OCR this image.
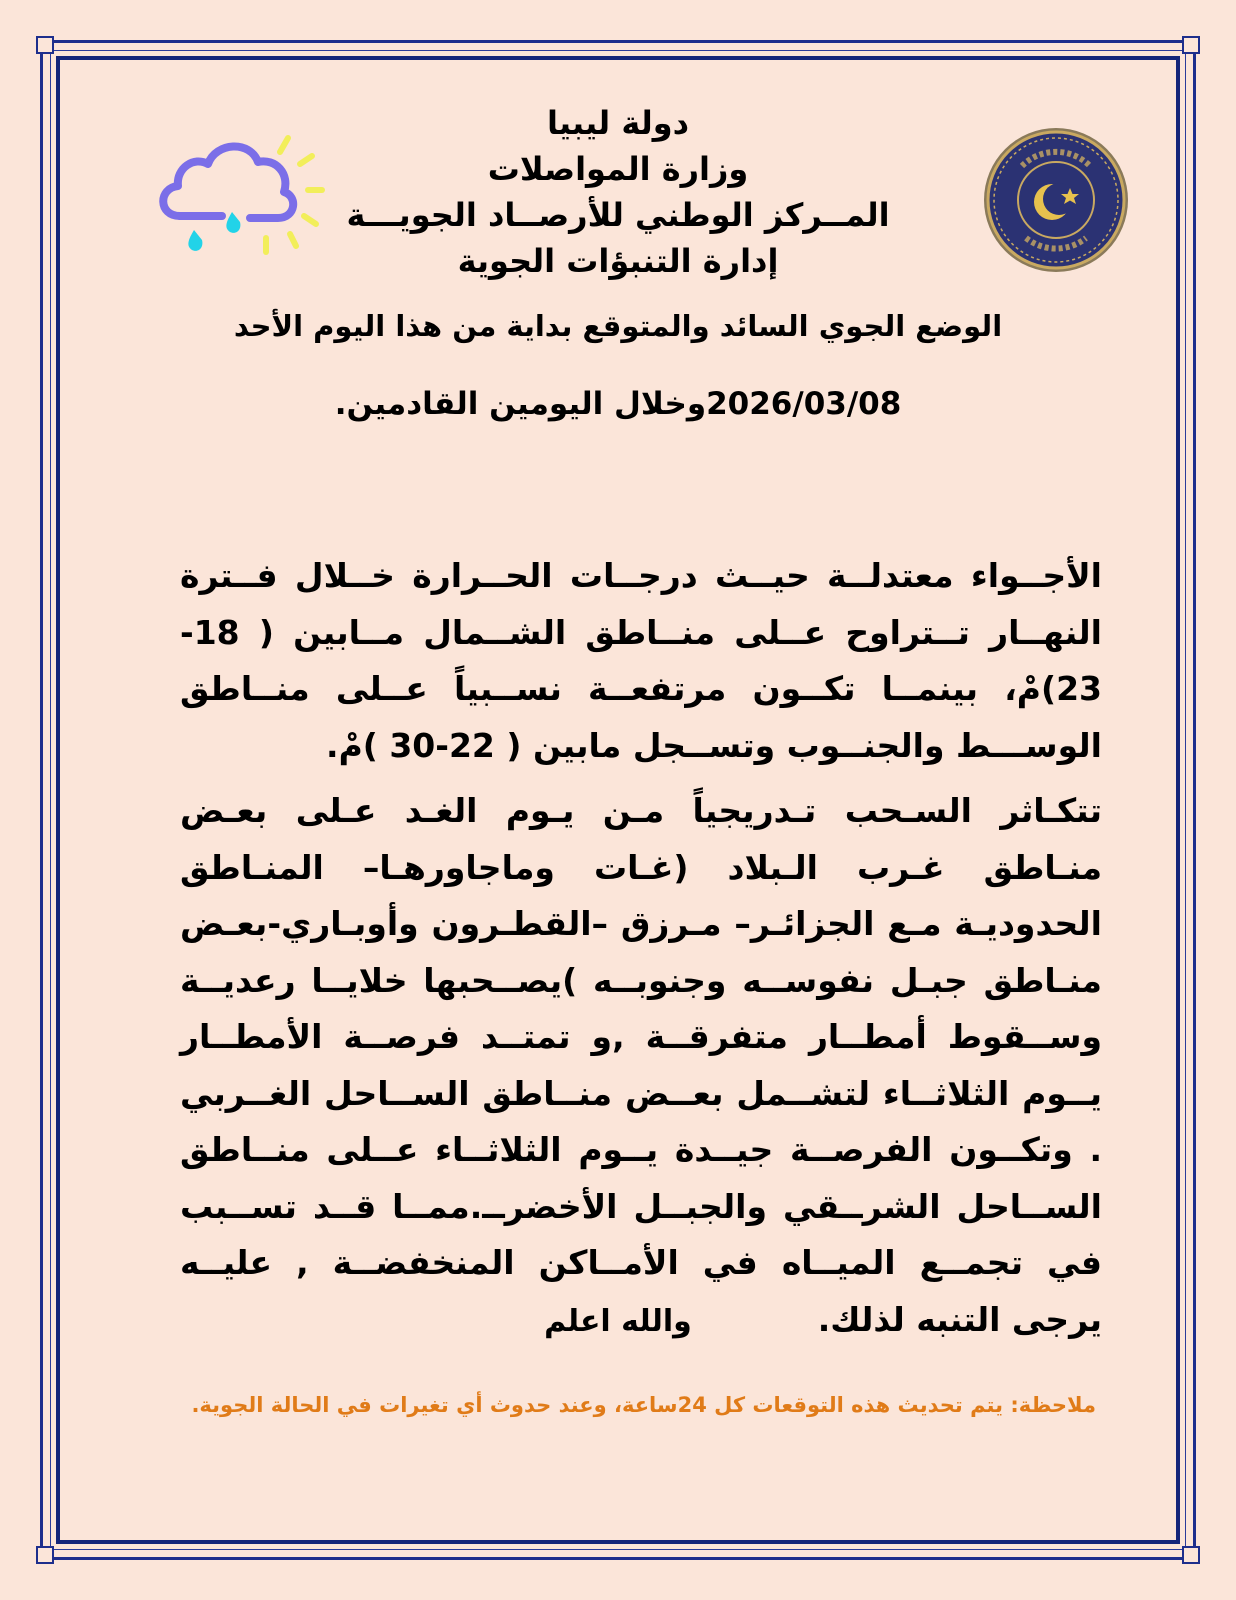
دولة ليبيا
وزارة المواصلات
المــركز الوطني للأرصــاد الجويـــة
إدارة التنبؤات الجوية
الوضع الجوي السائد والمتوقع بداية من هذا اليوم الأحد
2026/03/08وخلال اليومين القادمين.
الأجــواء معتدلــة حيــث درجــات الحــرارة خــلال فــترة النهــار تــتراوح عــلى منــاطق الشــمال مــابين ( 18-23)مْ، بينمــا تكــون مرتفعــة نســبياً عــلى منــاطق الوســـط والجنــوب وتســجل مابين ( 22-30 )مْ.
تتكـاثر السـحب تـدريجياً مـن يـوم الغـد عـلى بعـض منـاطق غـرب الـبلاد (غـات وماجاورهـا– المنـاطق الحدوديـة مـع الجزائـر– مـرزق –القطـرون وأوبـاري-بعـض منـاطق جبـل نفوســه وجنوبــه )يصــحبها خلايــا رعديــة وســقوط أمطــار متفرقــة ,و تمتــد فرصــة الأمطــار يــوم الثلاثــاء لتشــمل بعــض منــاطق الســاحل الغــربي . وتكــون الفرصــة جيــدة يــوم الثلاثــاء عــلى منــاطق الســاحل الشرــقي والجبــل الأخضرــ.ممــا قــد تســبب في تجمــع الميــاه في الأمــاكن المنخفضــة , عليــه يرجى التنبه لذلك.
والله اعلم
ملاحظة: يتم تحديث هذه التوقعات كل 24ساعة، وعند حدوث أي تغيرات في الحالة الجوية.
